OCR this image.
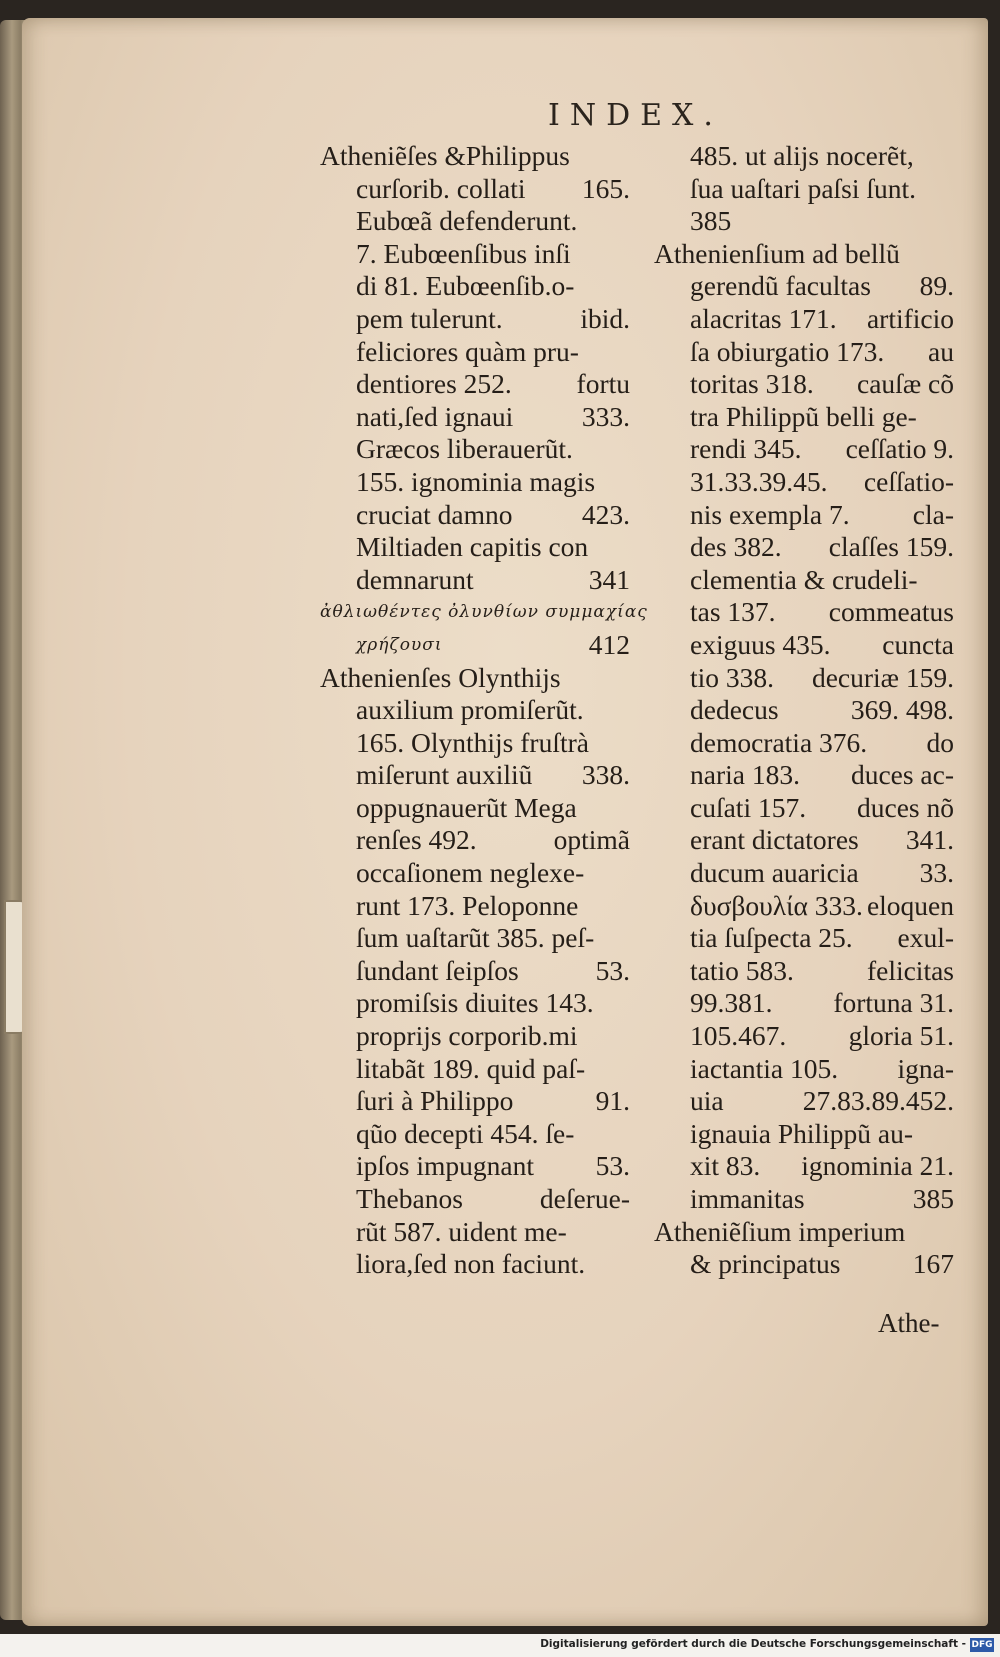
INDEX.
Atheniẽſes &Philippus
curſorib. collati 165.
Eubœã defenderunt.
7. Eubœenſibus inſi
di 81. Eubœenſib.o-
pem tulerunt.	ibid.
feliciores quàm pru-
dentiores 252. fortu
nati,ſed ignaui 333.
Græcos liberauerũt.
155. ignominia magis
cruciat damno	423.
Miltiaden capitis con
demnarunt	341
ἀθλιωθέντες ὀλυνθίων συμμαχίας
χρήζουσι	412
Athenienſes Olynthijs
auxilium promiſerũt.
165. Olynthijs fruſtrà
miſerunt auxiliũ 338.
oppugnauerũt Mega
renſes 492.	optimã
occaſionem neglexe-
runt 173. Peloponne
ſum uaſtarũt 385. peſ-
ſundant ſeipſos	53.
promiſsis diuites 143.
proprijs corporib.mi
litabãt 189. quid paſ-
ſuri à Philippo	91.
qũo decepti 454. ſe-
ipſos impugnant 53.
Thebanos	deſerue-
rũt 587. uident me-
liora,ſed non faciunt.
485. ut alijs nocerẽt,
ſua uaſtari paſsi ſunt.
385
Athenienſium ad bellũ
gerendũ facultas 89.
alacritas 171. artificio
ſa obiurgatio 173. au
toritas 318. cauſæ cõ
tra Philippũ belli ge-
rendi 345. ceſſatio 9.
31.33.39.45. ceſſatio-
nis exempla 7. cla-
des 382. claſſes 159.
clementia & crudeli-
tas 137. commeatus
exiguus 435. cuncta
tio 338. decuriæ 159.
dedecus	369. 498.
democratia 376. do
naria 183. duces ac-
cuſati 157. duces nõ
erant dictatores 341.
ducum auaricia 33.
δυσβουλία 333. eloquen
tia ſuſpecta 25. exul-
tatio 583.	felicitas
99.381. fortuna 31.
105.467. gloria 51.
iactantia 105. igna-
uia	27.83.89.452.
ignauia Philippũ au-
xit 83. ignominia 21.
immanitas	385
Atheniẽſium imperium
& principatus	167
Athe-
Digitalisierung gefördert durch die Deutsche Forschungsgemeinschaft - DFG
